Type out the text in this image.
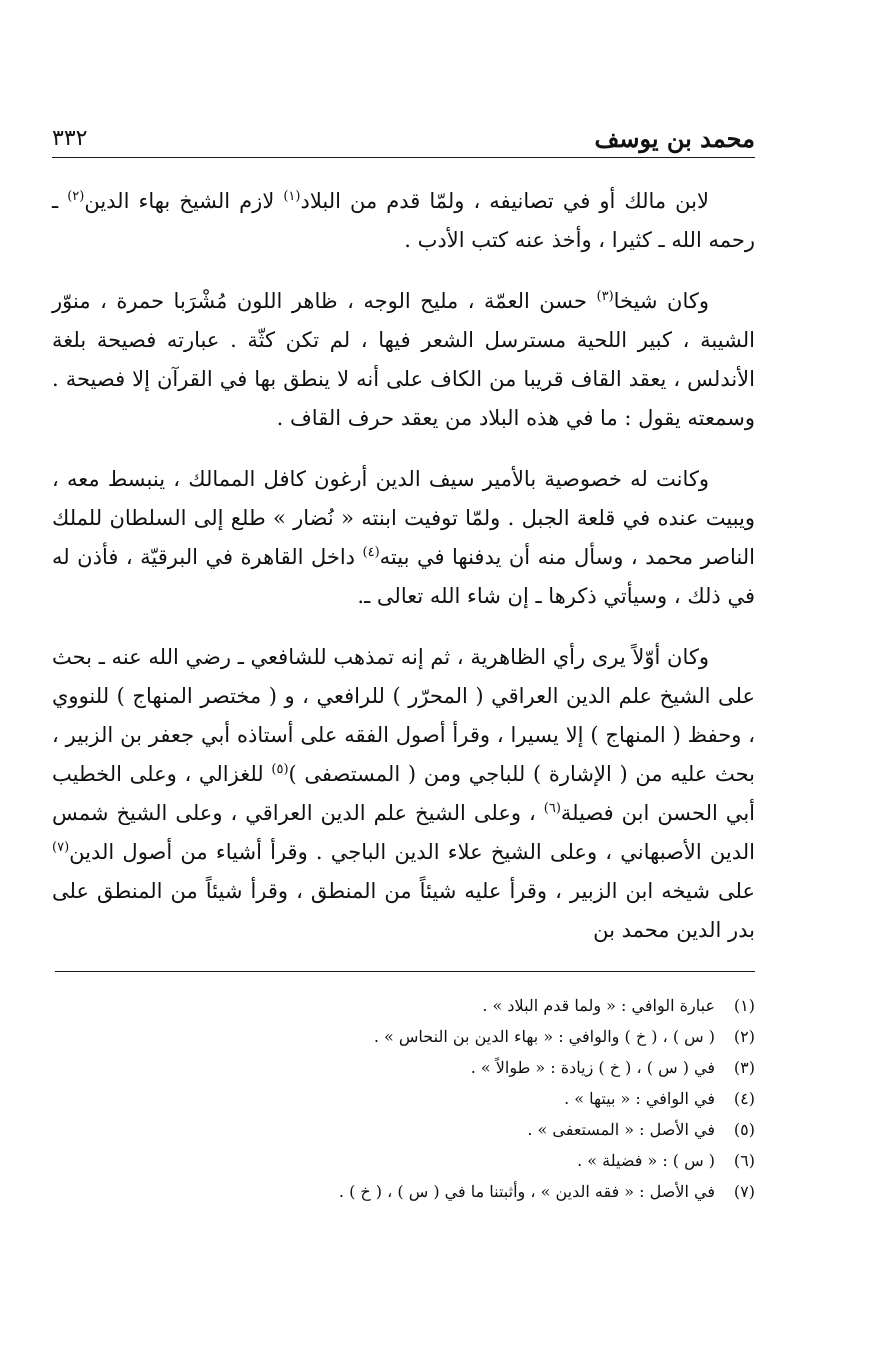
محمد بن يوسف
٣٣٢

لابن مالك أو في تصانيفه ، ولمّا قدم من البلاد$^{(١)}$ لازم الشيخ بهاء الدين$^{(٢)}$ ـ رحمه الله ـ كثيرا ، وأخذ عنه كتب الأدب .

وكان شيخا$^{(٣)}$ حسن العمّة ، مليح الوجه ، ظاهر اللون مُشْرَبا حمرة ، منوّر الشيبة ، كبير اللحية مسترسل الشعر فيها ، لم تكن كثّة . عبارته فصيحة بلغة الأندلس ، يعقد القاف قريبا من الكاف على أنه لا ينطق بها في القرآن إلا فصيحة . وسمعته يقول : ما في هذه البلاد من يعقد حرف القاف .

وكانت له خصوصية بالأمير سيف الدين أرغون كافل الممالك ، ينبسط معه ، ويبيت عنده في قلعة الجبل . ولمّا توفيت ابنته « نُضار » طلع إلى السلطان للملك الناصر محمد ، وسأل منه أن يدفنها في بيته$^{(٤)}$ داخل القاهرة في البرقيّة ، فأذن له في ذلك ، وسيأتي ذكرها ـ إن شاء الله تعالى ـ.

وكان أوّلاً يرى رأي الظاهرية ، ثم إنه تمذهب للشافعي ـ رضي الله عنه ـ بحث على الشيخ علم الدين العراقي ( المحرّر ) للرافعي ، و ( مختصر المنهاج ) للنووي ، وحفظ ( المنهاج ) إلا يسيرا ، وقرأ أصول الفقه على أستاذه أبي جعفر بن الزبير ، بحث عليه من ( الإشارة ) للباجي ومن ( المستصفى )$^{(٥)}$ للغزالي ، وعلى الخطيب أبي الحسن ابن فصيلة$^{(٦)}$ ، وعلى الشيخ علم الدين العراقي ، وعلى الشيخ شمس الدين الأصبهاني ، وعلى الشيخ علاء الدين الباجي . وقرأ أشياء من أصول الدين$^{(٧)}$ على شيخه ابن الزبير ، وقرأ عليه شيئاً من المنطق ، وقرأ شيئاً من المنطق على بدر الدين محمد بن

(١)
عبارة الوافي : « ولما قدم البلاد » .
(٢)
( س ) ، ( خ ) والوافي : « بهاء الدين بن النحاس » .
(٣)
في ( س ) ، ( خ ) زيادة : « طوالاً » .
(٤)
في الوافي : « بيتها » .
(٥)
في الأصل : « المستعفى » .
(٦)
( س ) : « فضيلة » .
(٧)
في الأصل : « فقه الدين » ، وأثبتنا ما في ( س ) ، ( خ ) .
